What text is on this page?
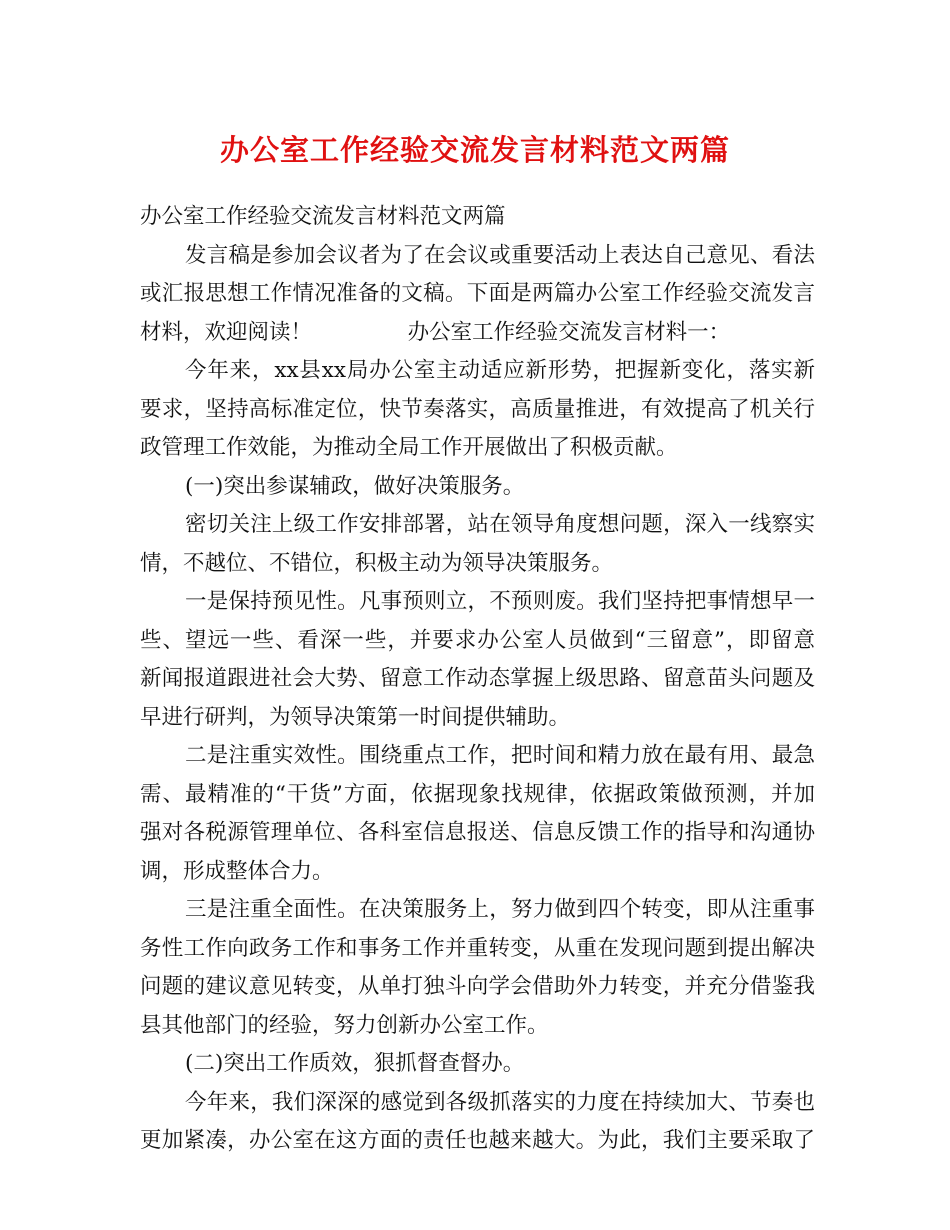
办公室工作经验交流发言材料范文两篇
办公室工作经验交流发言材料范文两篇
发言稿是参加会议者为了在会议或重要活动上表达自己意见、看法
或汇报思想工作情况准备的文稿。下面是两篇办公室工作经验交流发言
材料，欢迎阅读！              办公室工作经验交流发言材料一：
今年来，xx县xx局办公室主动适应新形势，把握新变化，落实新
要求，坚持高标准定位，快节奏落实，高质量推进，有效提高了机关行
政管理工作效能，为推动全局工作开展做出了积极贡献。
(一)突出参谋辅政，做好决策服务。
密切关注上级工作安排部署，站在领导角度想问题，深入一线察实
情，不越位、不错位，积极主动为领导决策服务。
一是保持预见性。凡事预则立，不预则废。我们坚持把事情想早一
些、望远一些、看深一些，并要求办公室人员做到“三留意”，即留意
新闻报道跟进社会大势、留意工作动态掌握上级思路、留意苗头问题及
早进行研判，为领导决策第一时间提供辅助。
二是注重实效性。围绕重点工作，把时间和精力放在最有用、最急
需、最精准的“干货”方面，依据现象找规律，依据政策做预测，并加
强对各税源管理单位、各科室信息报送、信息反馈工作的指导和沟通协
调，形成整体合力。
三是注重全面性。在决策服务上，努力做到四个转变，即从注重事
务性工作向政务工作和事务工作并重转变，从重在发现问题到提出解决
问题的建议意见转变，从单打独斗向学会借助外力转变，并充分借鉴我
县其他部门的经验，努力创新办公室工作。
(二)突出工作质效，狠抓督查督办。
今年来，我们深深的感觉到各级抓落实的力度在持续加大、节奏也
更加紧凑，办公室在这方面的责任也越来越大。为此，我们主要采取了
